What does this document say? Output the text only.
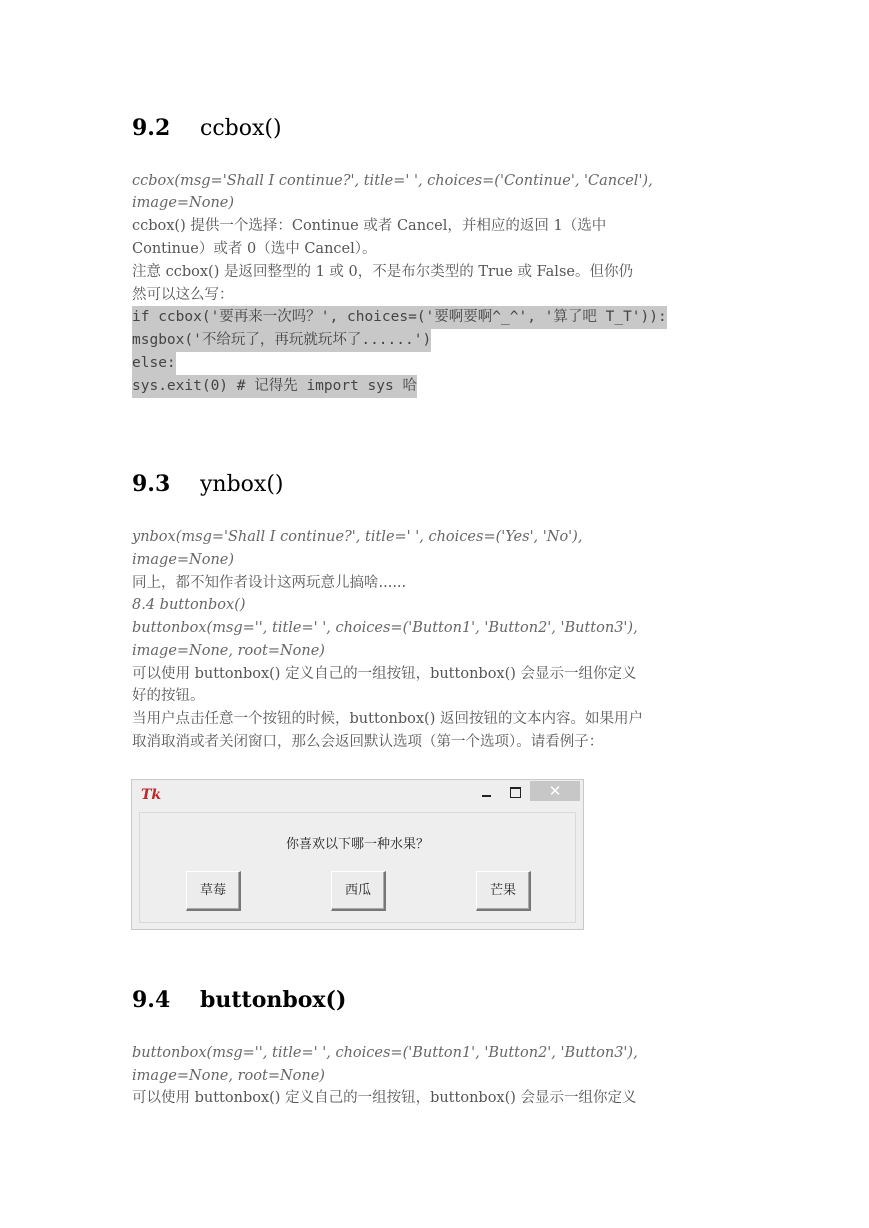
9.2 ccbox()
ccbox(msg='Shall I continue?', title=' ', choices=('Continue', 'Cancel'),
image=None)
ccbox() 提供一个选择：Continue 或者 Cancel，并相应的返回 1（选中
Continue）或者 0（选中 Cancel）。
注意 ccbox() 是返回整型的 1 或 0，不是布尔类型的 True 或 False。但你仍
然可以这么写：
if ccbox('要再来一次吗？', choices=('要啊要啊^_^', '算了吧 T_T')):
msgbox('不给玩了，再玩就玩坏了......')
else:
sys.exit(0) # 记得先 import sys 哈
9.3 ynbox()
ynbox(msg='Shall I continue?', title=' ', choices=('Yes', 'No'),
image=None)
同上，都不知作者设计这两玩意儿搞啥......
8.4 buttonbox()
buttonbox(msg='', title=' ', choices=('Button1', 'Button2', 'Button3'),
image=None, root=None)
可以使用 buttonbox() 定义自己的一组按钮，buttonbox() 会显示一组你定义
好的按钮。
当用户点击任意一个按钮的时候，buttonbox() 返回按钮的文本内容。如果用户
取消取消或者关闭窗口，那么会返回默认选项（第一个选项）。请看例子：
9.4 buttonbox()
buttonbox(msg='', title=' ', choices=('Button1', 'Button2', 'Button3'),
image=None, root=None)
可以使用 buttonbox() 定义自己的一组按钮，buttonbox() 会显示一组你定义
Tk	✕
你喜欢以下哪一种水果？
草莓	西瓜	芒果
